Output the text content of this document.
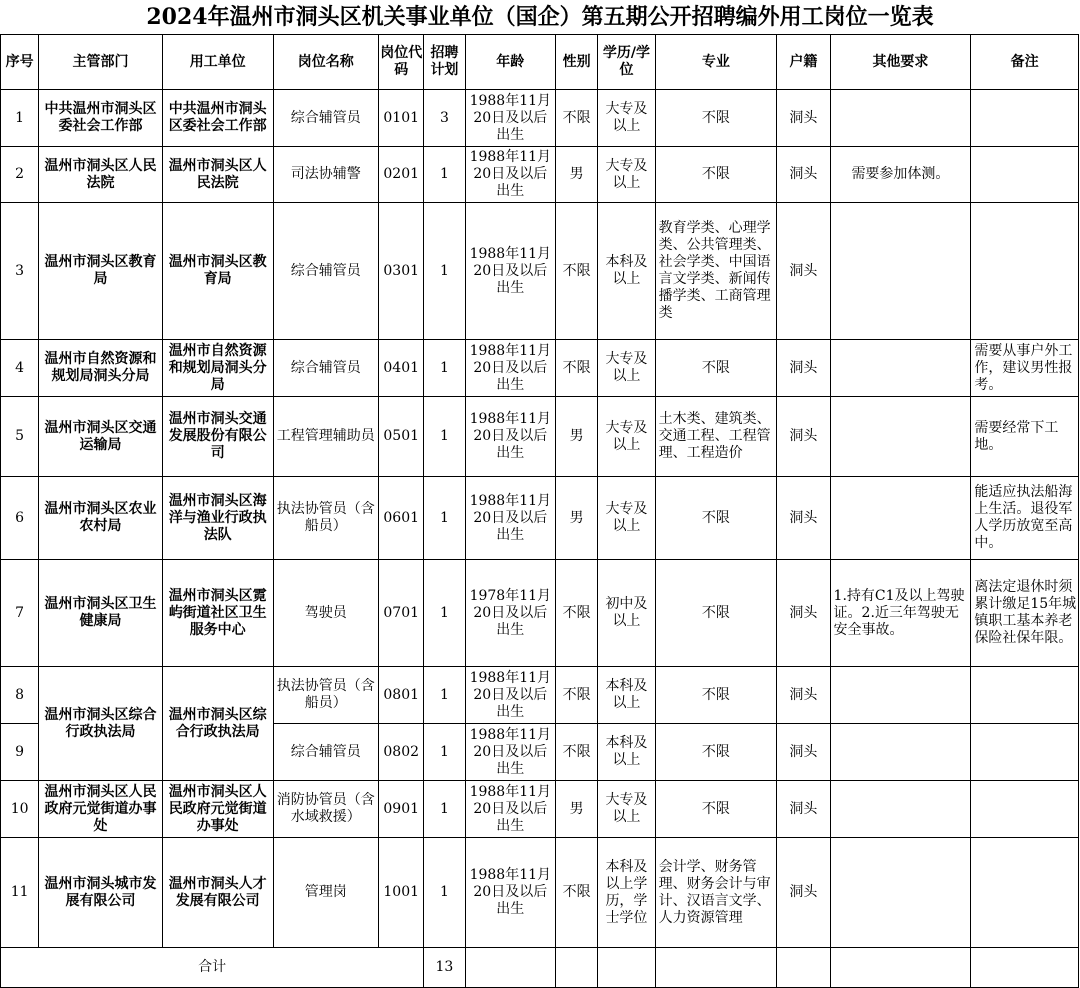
2024年温州市洞头区机关事业单位（国企）第五期公开招聘编外用工岗位一览表
序号	主管部门	用工单位	岗位名称	岗位代码	招聘计划	年龄	性别	学历/学位	专业	户籍	其他要求	备注
1	中共温州市洞头区委社会工作部	中共温州市洞头区委社会工作部	综合辅管员	0101	3	1988年11月20日及以后出生	不限	大专及以上	不限	洞头		
2	温州市洞头区人民法院	温州市洞头区人民法院	司法协辅警	0201	1	1988年11月20日及以后出生	男	大专及以上	不限	洞头	需要参加体测。	
3	温州市洞头区教育局	温州市洞头区教育局	综合辅管员	0301	1	1988年11月20日及以后出生	不限	本科及以上	教育学类、心理学类、公共管理类、社会学类、中国语言文学类、新闻传播学类、工商管理类	洞头		
4	温州市自然资源和规划局洞头分局	温州市自然资源和规划局洞头分局	综合辅管员	0401	1	1988年11月20日及以后出生	不限	大专及以上	不限	洞头		需要从事户外工作，建议男性报考。
5	温州市洞头区交通运输局	温州市洞头交通发展股份有限公司	工程管理辅助员	0501	1	1988年11月20日及以后出生	男	大专及以上	土木类、建筑类、交通工程、工程管理、工程造价	洞头		需要经常下工地。
6	温州市洞头区农业农村局	温州市洞头区海洋与渔业行政执法队	执法协管员（含船员）	0601	1	1988年11月20日及以后出生	男	大专及以上	不限	洞头		能适应执法船海上生活。退役军人学历放宽至高中。
7	温州市洞头区卫生健康局	温州市洞头区霓屿街道社区卫生服务中心	驾驶员	0701	1	1978年11月20日及以后出生	不限	初中及以上	不限	洞头	1.持有C1及以上驾驶证。2.近三年驾驶无安全事故。	离法定退休时须累计缴足15年城镇职工基本养老保险社保年限。
8	温州市洞头区综合行政执法局	温州市洞头区综合行政执法局	执法协管员（含船员）	0801	1	1988年11月20日及以后出生	不限	本科及以上	不限	洞头		
9			综合辅管员	0802	1	1988年11月20日及以后出生	不限	本科及以上	不限	洞头		
10	温州市洞头区人民政府元觉街道办事处	温州市洞头区人民政府元觉街道办事处	消防协管员（含水域救援）	0901	1	1988年11月20日及以后出生	男	大专及以上	不限	洞头		
11	温州市洞头城市发展有限公司	温州市洞头人才发展有限公司	管理岗	1001	1	1988年11月20日及以后出生	不限	本科及以上学历，学士学位	会计学、财务管理、财务会计与审计、汉语言文学、人力资源管理	洞头		
合计					13							
